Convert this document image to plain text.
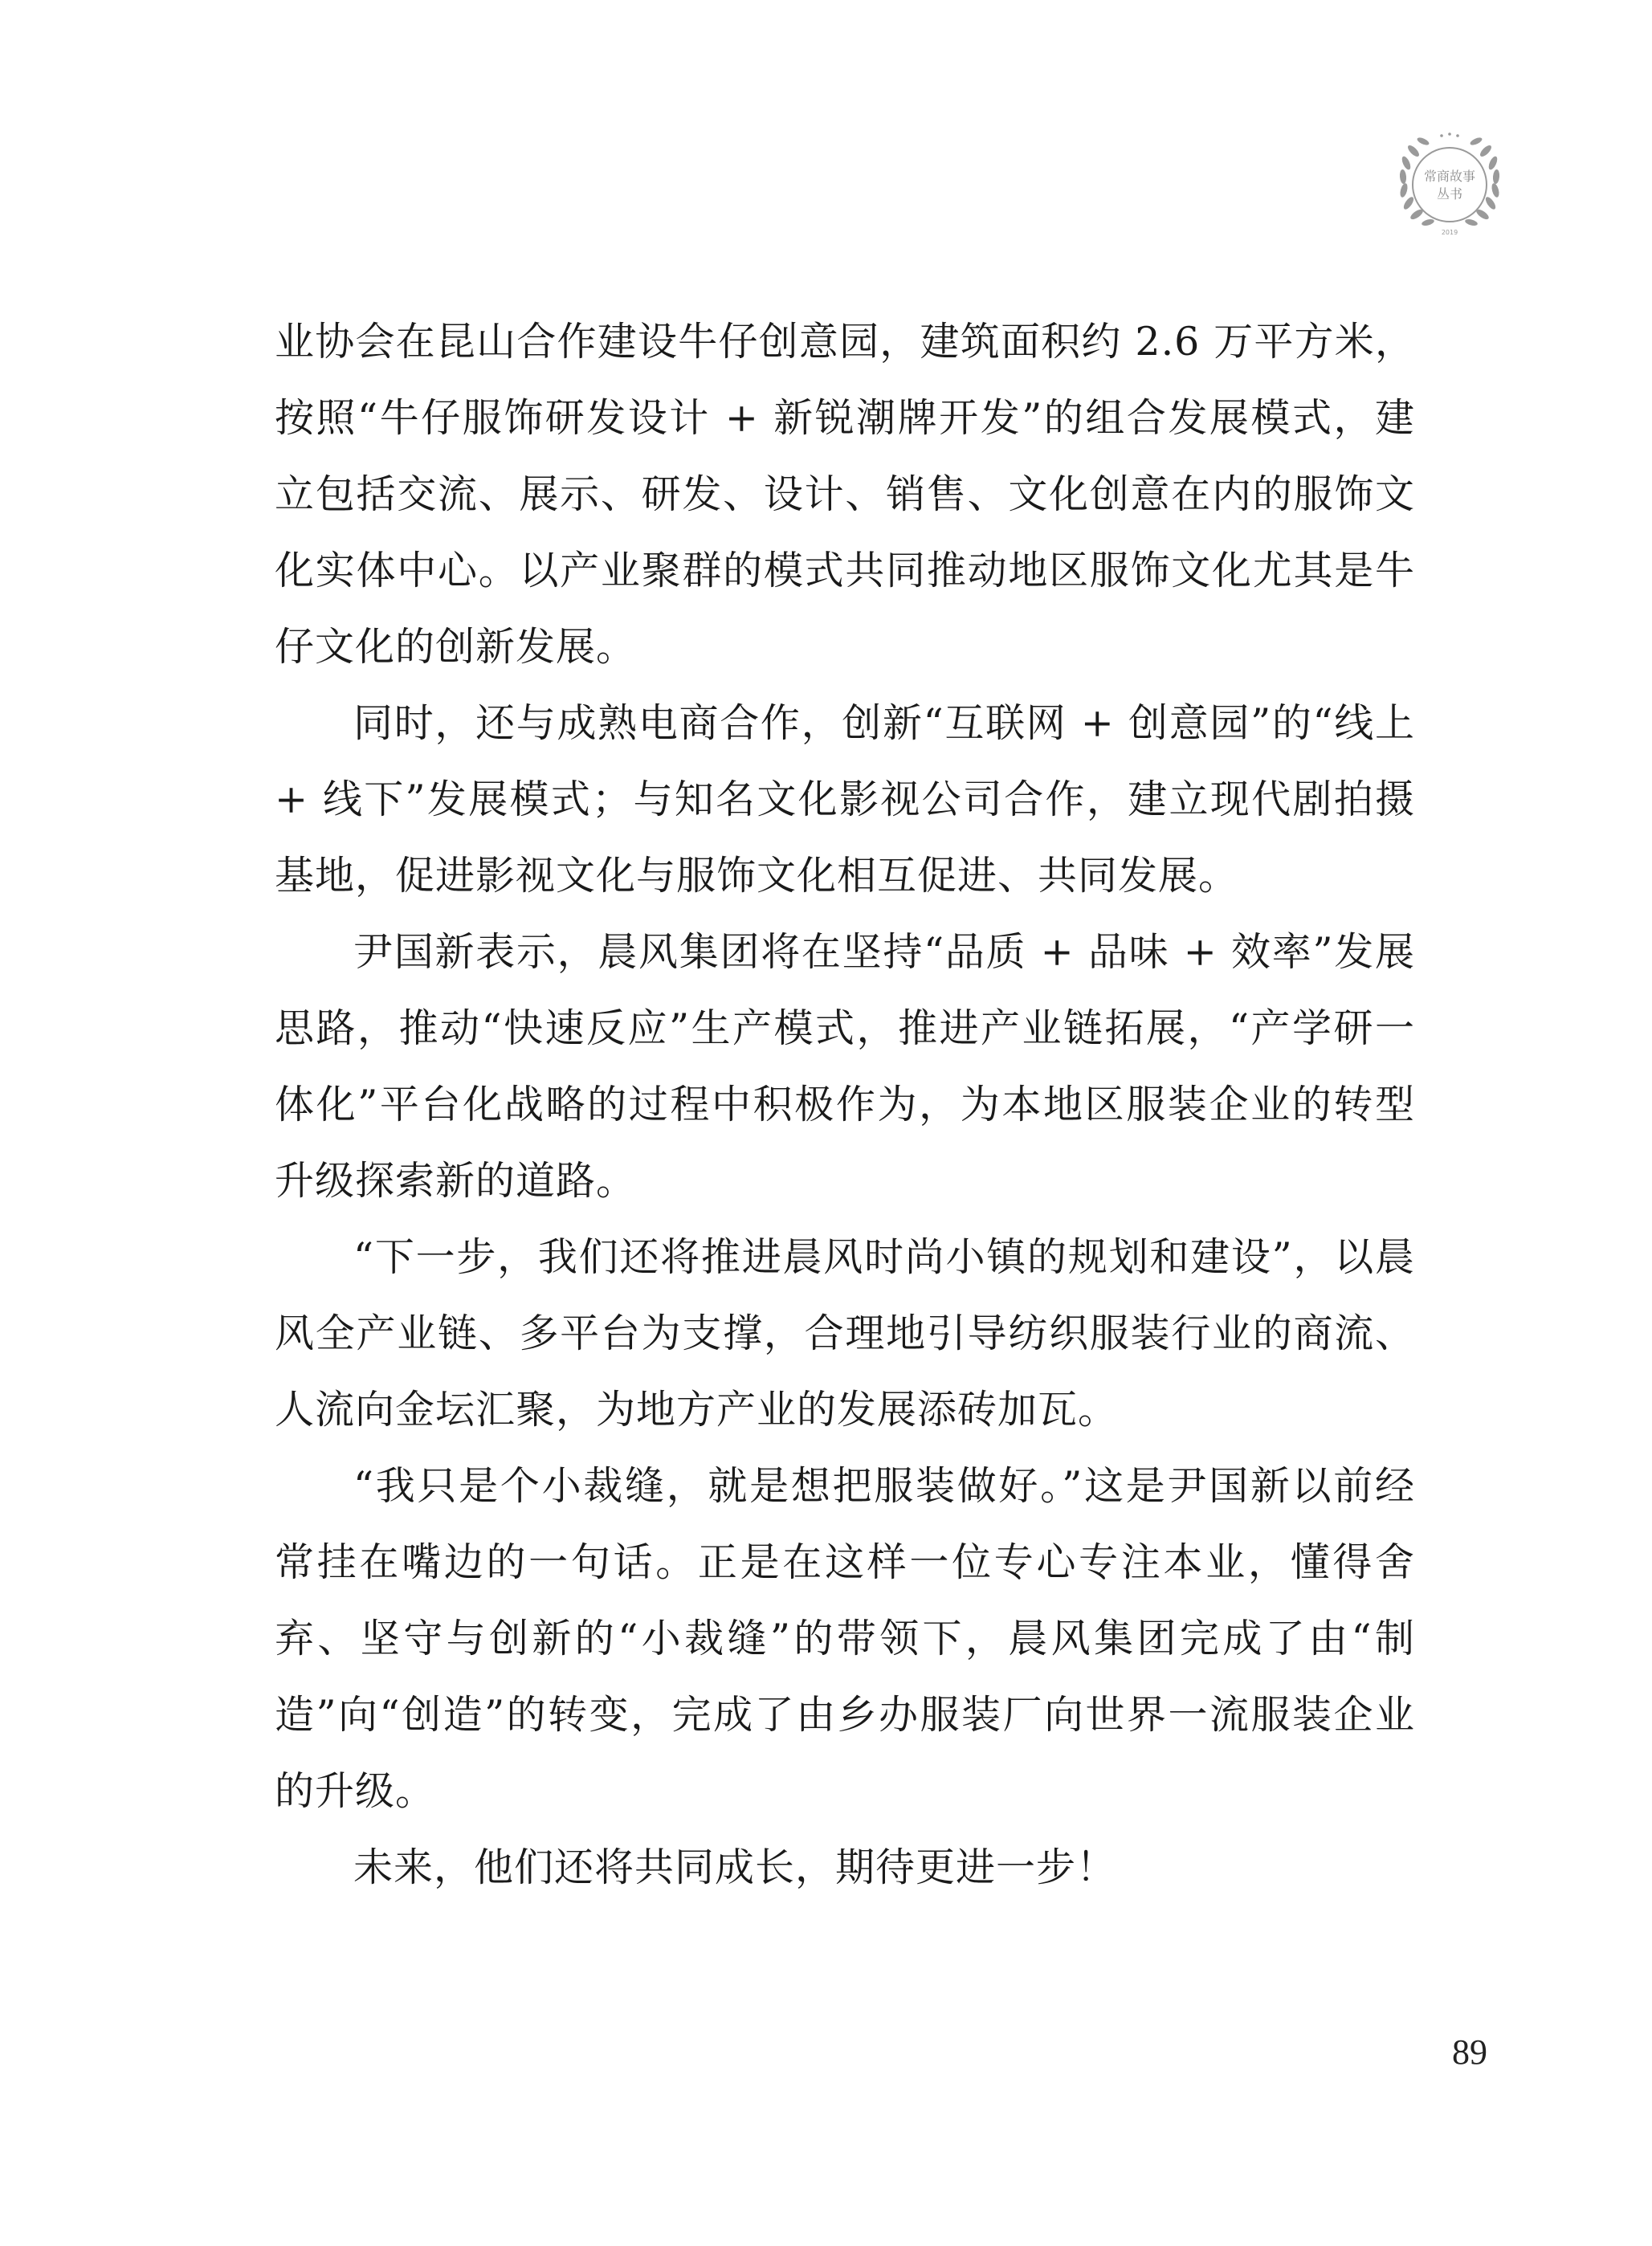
常商故事
丛书
2019

业协会在昆山合作建设牛仔创意园，建筑面积约 2.6 万平方米，按照“牛仔服饰研发设计 + 新锐潮牌开发”的组合发展模式，建立包括交流、展示、研发、设计、销售、文化创意在内的服饰文化实体中心。以产业聚群的模式共同推动地区服饰文化尤其是牛仔文化的创新发展。

同时，还与成熟电商合作，创新“互联网 + 创意园”的“线上 + 线下”发展模式；与知名文化影视公司合作，建立现代剧拍摄基地，促进影视文化与服饰文化相互促进、共同发展。

尹国新表示，晨风集团将在坚持“品质 + 品味 + 效率”发展思路，推动“快速反应”生产模式，推进产业链拓展，“产学研一体化”平台化战略的过程中积极作为，为本地区服装企业的转型升级探索新的道路。

“下一步，我们还将推进晨风时尚小镇的规划和建设”，以晨风全产业链、多平台为支撑，合理地引导纺织服装行业的商流、人流向金坛汇聚，为地方产业的发展添砖加瓦。

“我只是个小裁缝，就是想把服装做好。”这是尹国新以前经常挂在嘴边的一句话。正是在这样一位专心专注本业，懂得舍弃、坚守与创新的“小裁缝”的带领下，晨风集团完成了由“制造”向“创造”的转变，完成了由乡办服装厂向世界一流服装企业的升级。

未来，他们还将共同成长，期待更进一步！

89
